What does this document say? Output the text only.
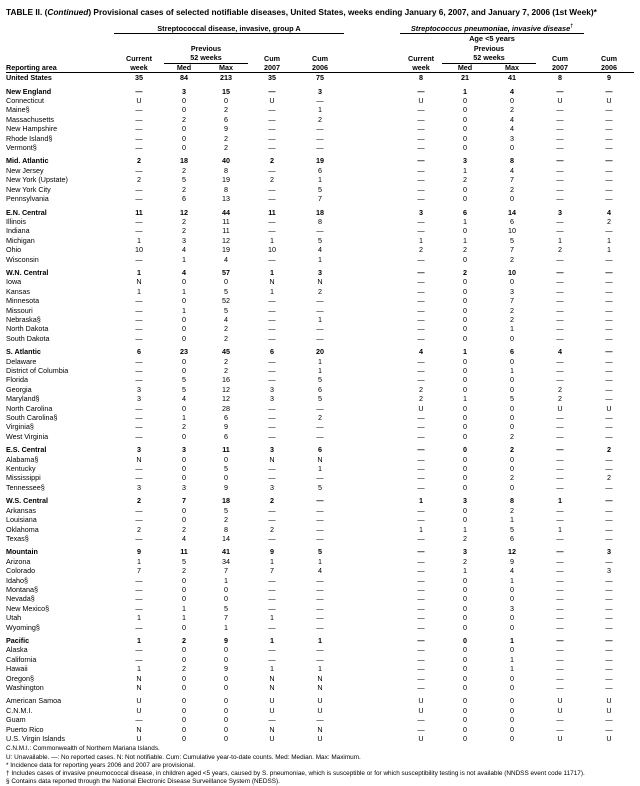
TABLE II. (Continued) Provisional cases of selected notifiable diseases, United States, weeks ending January 6, 2007, and January 7, 2006 (1st Week)*
	Streptococcal disease, invasive, group A						Streptococcus pneumoniae, invasive disease†
							Age <5 years				
		Previous						Previous			
	Current	52 weeks		Cum	Cum		Current	52 weeks		Cum	Cum
Reporting area	week	Med	Max	2007	2006		week	Med	Max	2007	2006
United States	35	84	213	35	75		8	21	41	8	9

New England	—	3	15	—	3		—	1	4	—	—
Connecticut	U	0	0	U	—		U	0	0	U	U
Maine§	—	0	2	—	1		—	0	2	—	—
Massachusetts	—	2	6	—	2		—	0	4	—	—
New Hampshire	—	0	9	—	—		—	0	4	—	—
Rhode Island§	—	0	2	—	—		—	0	3	—	—
Vermont§	—	0	2	—	—		—	0	0	—	—

Mid. Atlantic	2	18	40	2	19		—	3	8	—	—
New Jersey	—	2	8	—	6		—	1	4	—	—
New York (Upstate)	2	5	19	2	1		—	2	7	—	—
New York City	—	2	8	—	5		—	0	2	—	—
Pennsylvania	—	6	13	—	7		—	0	0	—	—

E.N. Central	11	12	44	11	18		3	6	14	3	4
Illinois	—	2	11	—	8		—	1	6	—	2
Indiana	—	2	11	—	—		—	0	10	—	—
Michigan	1	3	12	1	5		1	1	5	1	1
Ohio	10	4	19	10	4		2	2	7	2	1
Wisconsin	—	1	4	—	1		—	0	2	—	—

W.N. Central	1	4	57	1	3		—	2	10	—	—
Iowa	N	0	0	N	N		—	0	0	—	—
Kansas	1	1	5	1	2		—	0	3	—	—
Minnesota	—	0	52	—	—		—	0	7	—	—
Missouri	—	1	5	—	—		—	0	2	—	—
Nebraska§	—	0	4	—	1		—	0	2	—	—
North Dakota	—	0	2	—	—		—	0	1	—	—
South Dakota	—	0	2	—	—		—	0	0	—	—

S. Atlantic	6	23	45	6	20		4	1	6	4	—
Delaware	—	0	2	—	1		—	0	0	—	—
District of Columbia	—	0	2	—	1		—	0	1	—	—
Florida	—	5	16	—	5		—	0	0	—	—
Georgia	3	5	12	3	6		2	0	0	2	—
Maryland§	3	4	12	3	5		2	1	5	2	—
North Carolina	—	0	28	—	—		U	0	0	U	U
South Carolina§	—	1	6	—	2		—	0	0	—	—
Virginia§	—	2	9	—	—		—	0	0	—	—
West Virginia	—	0	6	—	—		—	0	2	—	—

E.S. Central	3	3	11	3	6		—	0	2	—	2
Alabama§	N	0	0	N	N		—	0	0	—	—
Kentucky	—	0	5	—	1		—	0	0	—	—
Mississippi	—	0	0	—	—		—	0	2	—	2
Tennessee§	3	3	9	3	5		—	0	0	—	—

W.S. Central	2	7	18	2	—		1	3	8	1	—
Arkansas	—	0	5	—	—		—	0	2	—	—
Louisiana	—	0	2	—	—		—	0	1	—	—
Oklahoma	2	2	8	2	—		1	1	5	1	—
Texas§	—	4	14	—	—		—	2	6	—	—

Mountain	9	11	41	9	5		—	3	12	—	3
Arizona	1	5	34	1	1		—	2	9	—	—
Colorado	7	2	7	7	4		—	1	4	—	3
Idaho§	—	0	1	—	—		—	0	1	—	—
Montana§	—	0	0	—	—		—	0	0	—	—
Nevada§	—	0	0	—	—		—	0	0	—	—
New Mexico§	—	1	5	—	—		—	0	3	—	—
Utah	1	1	7	1	—		—	0	0	—	—
Wyoming§	—	0	1	—	—		—	0	0	—	—

Pacific	1	2	9	1	1		—	0	1	—	—
Alaska	—	0	0	—	—		—	0	0	—	—
California	—	0	0	—	—		—	0	1	—	—
Hawaii	1	2	9	1	1		—	0	1	—	—
Oregon§	N	0	0	N	N		—	0	0	—	—
Washington	N	0	0	N	N		—	0	0	—	—

American Samoa	U	0	0	U	U		U	0	0	U	U
C.N.M.I.	U	0	0	U	U		U	0	0	U	U
Guam	—	0	0	—	—		—	0	0	—	—
Puerto Rico	N	0	0	N	N		—	0	0	—	—
U.S. Virgin Islands	U	0	0	U	U		U	0	0	U	U
C.N.M.I.: Commonwealth of Northern Mariana Islands.
U: Unavailable. —: No reported cases. N: Not notifiable. Cum: Cumulative year-to-date counts. Med: Median. Max: Maximum.
* Incidence data for reporting years 2006 and 2007 are provisional.
† Includes cases of invasive pneumococcal disease, in children aged <5 years, caused by S. pneumoniae, which is susceptible or for which susceptibility testing is not available (NNDSS event code 11717).
§ Contains data reported through the National Electronic Disease Surveillance System (NEDSS).
